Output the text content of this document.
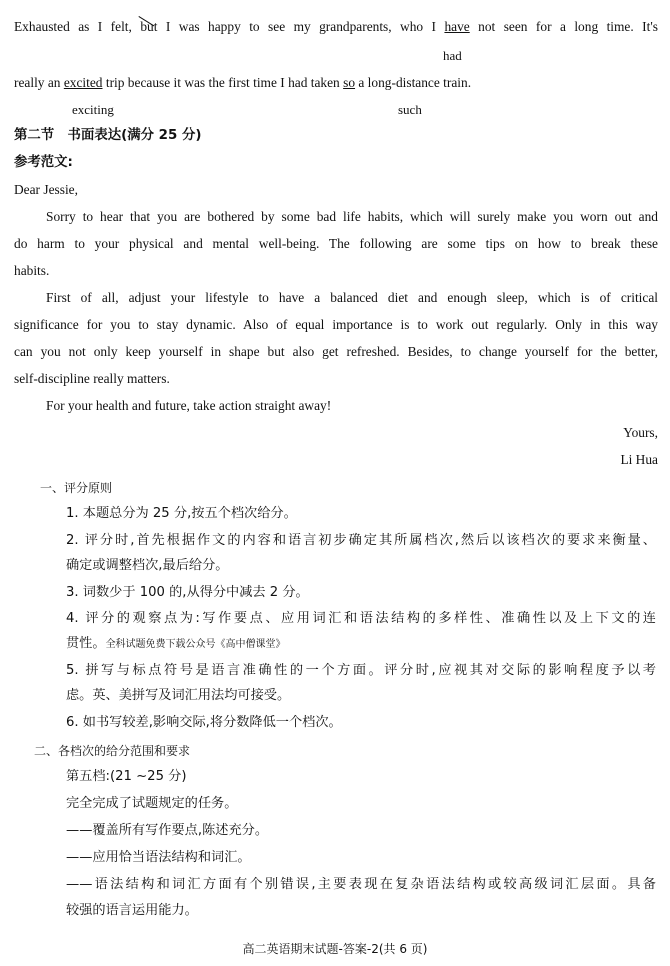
Exhausted as I felt, but I was happy to see my grandparents, who I have not seen for a long time. It's
had
really an excited trip because it was the first time I had taken so a long-distance train.
exciting	such
第二节　书面表达(满分 25 分)
参考范文:
Dear Jessie,
Sorry to hear that you are bothered by some bad life habits, which will surely make you worn out and
do harm to your physical and mental well-being. The following are some tips on how to break these
habits.
First of all, adjust your lifestyle to have a balanced diet and enough sleep, which is of critical
significance for you to stay dynamic. Also of equal importance is to work out regularly. Only in this way
can you not only keep yourself in shape but also get refreshed. Besides, to change yourself for the better,
self-discipline really matters.
For your health and future, take action straight away!
Yours,
Li Hua
一、评分原则
1. 本题总分为 25 分,按五个档次给分。
2. 评分时,首先根据作文的内容和语言初步确定其所属档次,然后以该档次的要求来衡量、
确定或调整档次,最后给分。
3. 词数少于 100 的,从得分中减去 2 分。
4. 评分的观察点为:写作要点、应用词汇和语法结构的多样性、准确性以及上下文的连
贯性。全科试题免费下载公众号《高中僧课堂》
5. 拼写与标点符号是语言准确性的一个方面。评分时,应视其对交际的影响程度予以考
虑。英、美拼写及词汇用法均可接受。
6. 如书写较差,影响交际,将分数降低一个档次。
二、各档次的给分范围和要求
第五档:(21 ~25 分)
完全完成了试题规定的任务。
——覆盖所有写作要点,陈述充分。
——应用恰当语法结构和词汇。
——语法结构和词汇方面有个别错误,主要表现在复杂语法结构或较高级词汇层面。具备
较强的语言运用能力。
高二英语期末试题-答案-2(共 6 页)
